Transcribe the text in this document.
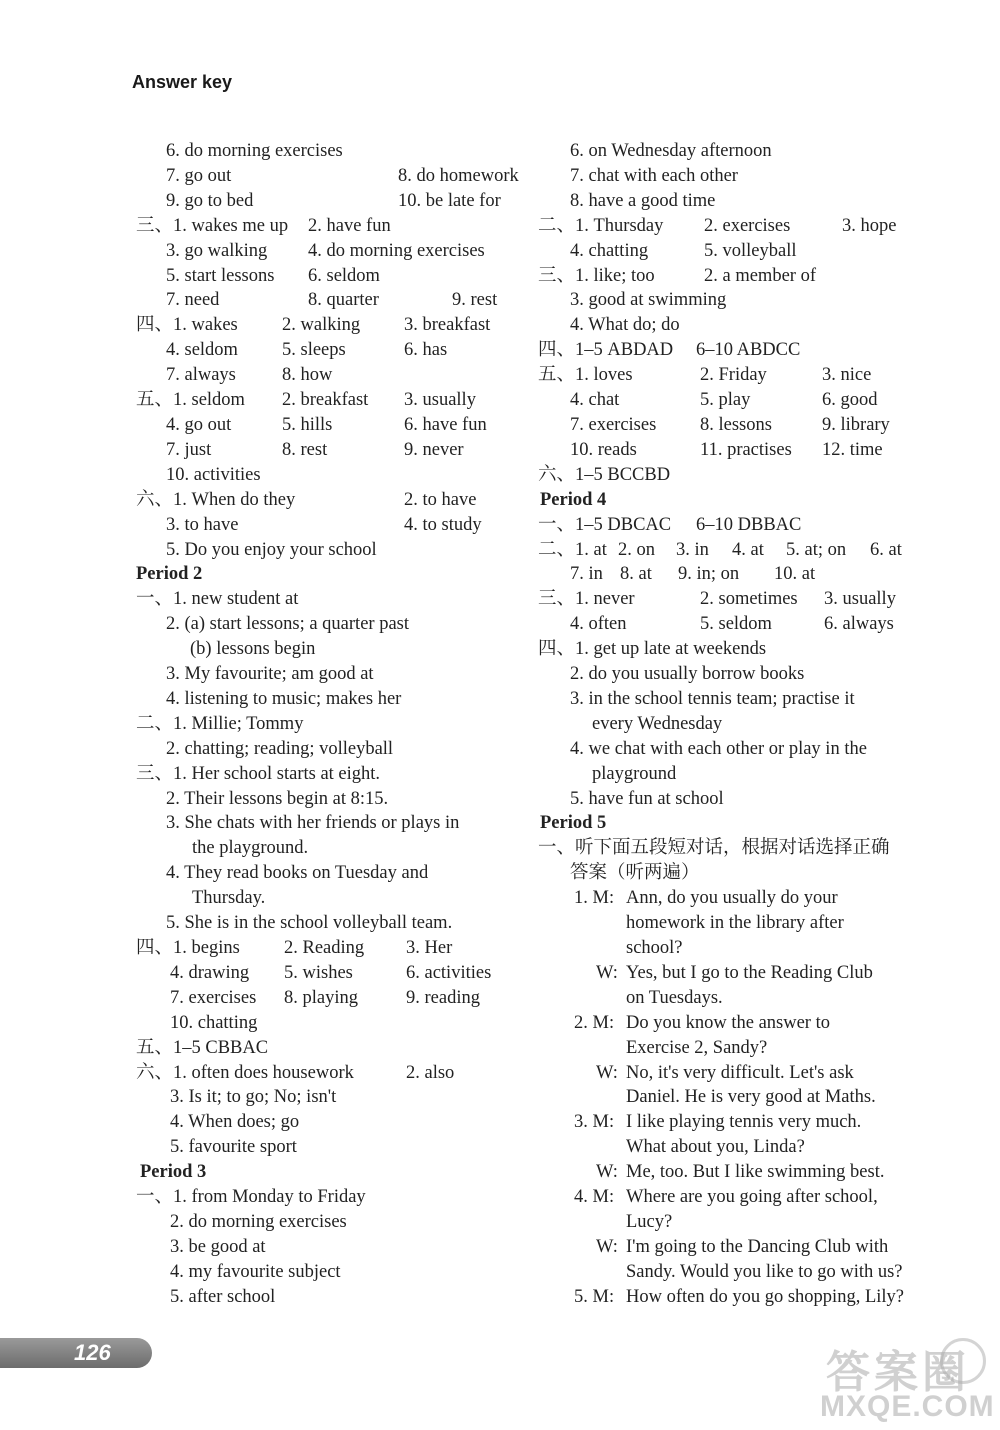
Answer key
6. do morning exercises
7. go out	8. do homework
9. go to bed	10. be late for
三、1. wakes me up 2. have fun
3. go walking 4. do morning exercises
5. start lessons 6. seldom
7. need	8. quarter	9. rest
四、1. wakes 2. walking 3. breakfast
4. seldom 5. sleeps	6. has
7. always 8. how
五、1. seldom 2. breakfast 3. usually
4. go out	5. hills	6. have fun
7. just	8. rest	9. never
10. activities
六、1. When do they	2. to have
3. to have	4. to study
5. Do you enjoy your school
Period 2
一、1. new student at
2. (a) start lessons; a quarter past
(b) lessons begin
3. My favourite; am good at
4. listening to music; makes her
二、1. Millie; Tommy
2. chatting; reading; volleyball
三、1. Her school starts at eight.
2. Their lessons begin at 8:15.
3. She chats with her friends or plays in
the playground.
4. They read books on Tuesday and
Thursday.
5. She is in the school volleyball team.
四、1. begins 2. Reading 3. Her
4. drawing 5. wishes	6. activities
7. exercises 8. playing	9. reading
10. chatting
五、1–5 CBBAC
六、1. often does housework	2. also
3. Is it; to go; No; isn't
4. When does; go
5. favourite sport
Period 3
一、1. from Monday to Friday
2. do morning exercises
3. be good at
4. my favourite subject
5. after school
6. on Wednesday afternoon
7. chat with each other
8. have a good time
二、1. Thursday 2. exercises	3. hope
4. chatting	5. volleyball
三、1. like; too	2. a member of
3. good at swimming
4. What do; do
四、1–5 ABDAD 6–10 ABDCC
五、1. loves	2. Friday	3. nice
4. chat	5. play	6. good
7. exercises 8. lessons	9. library
10. reads	11. practises 12. time
六、1–5 BCCBD
Period 4
一、1–5 DBCAC 6–10 DBBAC
二、1. at 2. on 3. in 4. at 5. at; on 6. at
7. in 8. at 9. in; on 10. at
三、1. never	2. sometimes 3. usually
4. often	5. seldom	6. always
四、1. get up late at weekends
2. do you usually borrow books
3. in the school tennis team; practise it
every Wednesday
4. we chat with each other or play in the
playground
5. have fun at school
Period 5
一、听下面五段短对话，根据对话选择正确
答案（听两遍）
1. M: Ann, do you usually do your
homework in the library after
school?
W: Yes, but I go to the Reading Club
on Tuesdays.
2. M: Do you know the answer to
Exercise 2, Sandy?
W: No, it's very difficult. Let's ask
Daniel. He is very good at Maths.
3. M: I like playing tennis very much.
What about you, Linda?
W: Me, too. But I like swimming best.
4. M: Where are you going after school,
Lucy?
W: I'm going to the Dancing Club with
Sandy. Would you like to go with us?
5. M: How often do you go shopping, Lily?
126	答案圈
MXQE.COM
